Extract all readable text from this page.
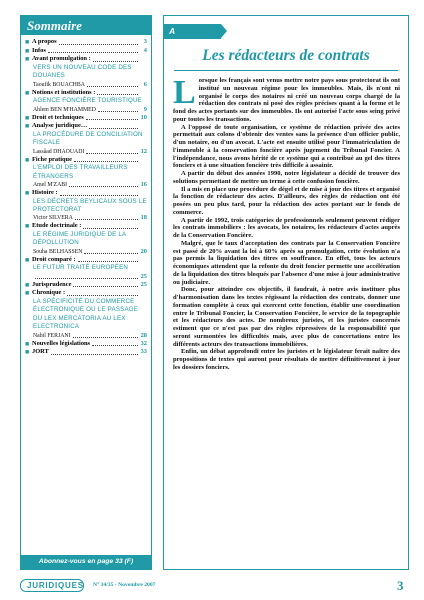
Sommaire
■ A propos	3
■ Infos	4
■ Avant promulgation :
VERS UN NOUVEAU CODE DES DOUANES
Taoufik BOUACHBA	6
■ Notions et institutions :
AGENCE FONCIÈRE TOURISTIQUE
Ahlem BEN M'HAMMED	9
■ Droit et techniques	10
■ Analyse juridique…
LA PROCÉDURE DE CONCILIATION FISCALE
Lassâad DHAOUADI	12
■ Fiche pratique
L'EMPLOI DES TRAVAILLEURS ÉTRANGERS
Amel M'ZABI	16
■ Histoire :
LES DÉCRETS BEYLICAUX SOUS LE PROTECTORAT
Victor SILVERA	18
■ Etude doctrinale :
LE RÉGIME JURIDIQUE DE LA DÉPOLLUTION
Souha BELHASSEN	20
■ Droit comparé :
LE FUTUR TRAITÉ EUROPÉEN
25
■ Jurisprudence	25
■ Chronique :
LA SPÉCIFICITÉ DU COMMERCE ÉLECTRONIQUE OU LE PASSAGE DU LEX MERCATORIA AU LEX ELECTRONICA
Nabil FERJANI	28
■ Nouvelles législations	32
■ JORT	33
Abonnez-vous en page 33 (F)
A propos...
Les rédacteurs de contrats
L orsque les français sont venus mettre notre pays sous protectorat ils ont institué un nouveau régime pour les immeubles. Mais, ils n'ont ni organisé le corps des notaires ni créé un nouveau corps chargé de la rédaction des contrats ni posé des règles précises quant à la forme et le fond des actes portants sur des immeubles. Ils ont autorisé l'acte sous seing privé pour toutes les transactions.

A l'opposé de toute organisation, ce système de rédaction privée des actes permettait aux colons d'obtenir des ventes sans la présence d'un officier public, d'un notaire, ou d'un avocat. L'acte est ensuite utilisé pour l'immatriculation de l'immeuble à la conservation foncière après jugement du Tribunal Foncier. A l'indépendance, nous avons hérité de ce système qui a contribué au gel des titres fonciers et à une situation foncière très difficile à assainir.

A partir du début des années 1990, notre législateur a décidé de trouver des solutions permettant de mettre un terme à cette confusion foncière.

Il a mis en place une procédure de dégel et de mise à jour des titres et organisé la fonction de rédacteur des actes. D'ailleurs, des règles de rédaction ont été posées un peu plus tard, pour la rédaction des actes portant sur le fonds de commerce.

A partir de 1992, trois catégories de professionnels seulement peuvent rédiger les contrats immobiliers : les avocats, les notaires, les rédacteurs d'actes auprès de la Conservation Foncière.

Malgré, que le taux d'acceptation des contrats par la Conservation Foncière est passé de 20% avant la loi à 60% après sa promulgation, cette évolution n'a pas permis la liquidation des titres en souffrance. En effet, tous les acteurs économiques attendent que la refonte du droit foncier permette une accélération de la liquidation des titres bloqués par l'absence d'une mise à jour administrative ou judiciaire.

Donc, pour atteindre ces objectifs, il faudrait, à notre avis instituer plus d'harmonisation dans les textes régissant la rédaction des contrats, donner une formation complète à ceux qui exercent cette fonction, établir une coordination entre le Tribunal Foncier, la Conservation Foncière, le service de la topographie et les rédacteurs des actes. De nombreux juristes, et les juristes concernés estiment que ce n'est pas par des règles répressives de la responsabilité que seront surmontées les difficultés mais, avec plus de concertations entre les différents acteurs des transactions immobilières.

Enfin, un débat approfondi entre les juristes et le législateur ferait naître des propositions de textes qui auront pour résultats de mettre définitivement à jour les dossiers fonciers.

JURIDIQUES N° 34/35 - Novembre 2007	3
